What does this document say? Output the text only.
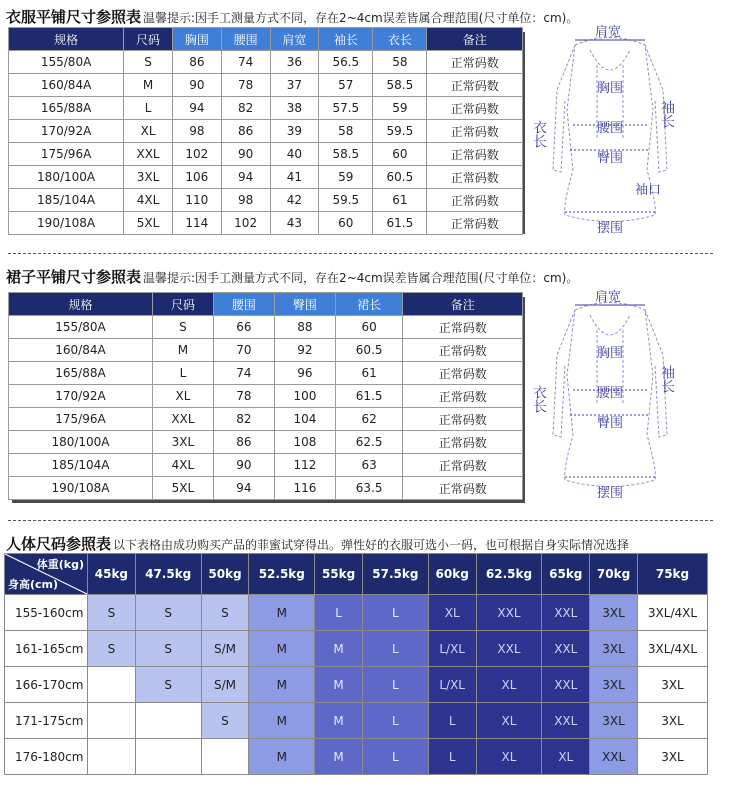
衣服平铺尺寸参照表 温馨提示:因手工测量方式不同，存在2~4cm误差皆属合理范围(尺寸单位：cm)。
规格	尺码	胸围	腰围	肩宽	袖长	衣长	备注
155/80A	S	86	74	36	56.5	58	正常码数
160/84A	M	90	78	37	57	58.5	正常码数
165/88A	L	94	82	38	57.5	59	正常码数
170/92A	XL	98	86	39	58	59.5	正常码数
175/96A	XXL	102	90	40	58.5	60	正常码数
180/100A	3XL	106	94	41	59	60.5	正常码数
185/104A	4XL	110	98	42	59.5	61	正常码数
190/108A	5XL	114	102	43	60	61.5	正常码数
肩宽
胸围
腰围
臀围
摆围
袖口
衣长
袖长
裙子平铺尺寸参照表 温馨提示:因手工测量方式不同，存在2~4cm误差皆属合理范围(尺寸单位：cm)。
规格	尺码	腰围	臀围	裙长	备注
155/80A	S	66	88	60	正常码数
160/84A	M	70	92	60.5	正常码数
165/88A	L	74	96	61	正常码数
170/92A	XL	78	100	61.5	正常码数
175/96A	XXL	82	104	62	正常码数
180/100A	3XL	86	108	62.5	正常码数
185/104A	4XL	90	112	63	正常码数
190/108A	5XL	94	116	63.5	正常码数
肩宽
胸围
腰围
臀围
摆围
衣长
袖长
人体尺码参照表 以下表格由成功购买产品的菲蜜试穿得出。弹性好的衣服可选小一码，也可根据自身实际情况选择
体重(kg)
身高(cm)	45kg	47.5kg	50kg	52.5kg	55kg	57.5kg	60kg	62.5kg	65kg	70kg	75kg
155-160cm	S	S	S	M	L	L	XL	XXL	XXL	3XL	3XL/4XL
161-165cm	S	S	S/M	M	M	L	L/XL	XXL	XXL	3XL	3XL/4XL
166-170cm		S	S/M	M	M	L	L/XL	XL	XXL	3XL	3XL
171-175cm			S	M	M	L	L	XL	XXL	3XL	3XL
176-180cm				M	M	L	L	XL	XL	XXL	3XL
